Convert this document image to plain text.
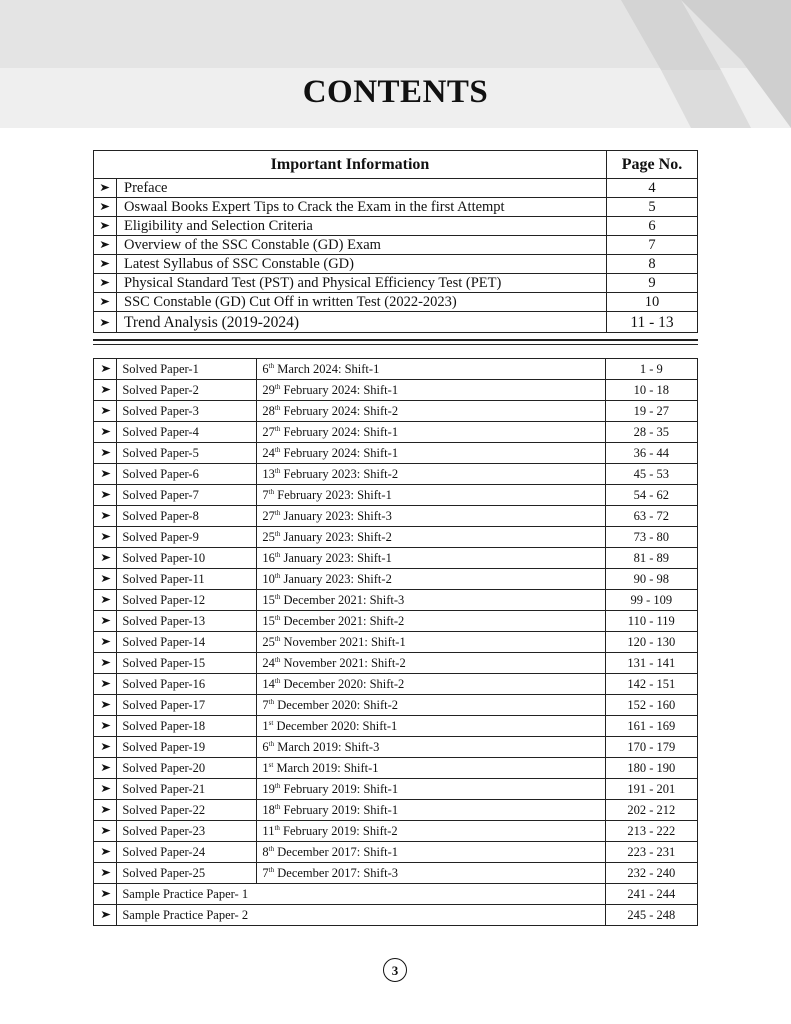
CONTENTS
Important Information		Page No.
➤	Preface	4
➤	Oswaal Books Expert Tips to Crack the Exam in the first Attempt	5
➤	Eligibility and Selection Criteria	6
➤	Overview of the SSC Constable (GD) Exam	7
➤	Latest Syllabus of SSC Constable (GD)	8
➤	Physical Standard Test (PST) and Physical Efficiency Test (PET)	9
➤	SSC Constable (GD) Cut Off in written Test (2022-2023)	10
➤	Trend Analysis (2019-2024)	11 - 13
➤	Solved Paper-1	6th March 2024: Shift-1	1 - 9
➤	Solved Paper-2	29th February 2024: Shift-1	10 - 18
➤	Solved Paper-3	28th February 2024: Shift-2	19 - 27
➤	Solved Paper-4	27th February 2024: Shift-1	28 - 35
➤	Solved Paper-5	24th February 2024: Shift-1	36 - 44
➤	Solved Paper-6	13th February 2023: Shift-2	45 - 53
➤	Solved Paper-7	7th February 2023: Shift-1	54 - 62
➤	Solved Paper-8	27th January 2023: Shift-3	63 - 72
➤	Solved Paper-9	25th January 2023: Shift-2	73 - 80
➤	Solved Paper-10	16th January 2023: Shift-1	81 - 89
➤	Solved Paper-11	10th January 2023: Shift-2	90 - 98
➤	Solved Paper-12	15th December 2021: Shift-3	99 - 109
➤	Solved Paper-13	15th December 2021: Shift-2	110 - 119
➤	Solved Paper-14	25th November 2021: Shift-1	120 - 130
➤	Solved Paper-15	24th November 2021: Shift-2	131 - 141
➤	Solved Paper-16	14th December 2020: Shift-2	142 - 151
➤	Solved Paper-17	7th December 2020: Shift-2	152 - 160
➤	Solved Paper-18	1st December 2020: Shift-1	161 - 169
➤	Solved Paper-19	6th March 2019: Shift-3	170 - 179
➤	Solved Paper-20	1st March 2019: Shift-1	180 - 190
➤	Solved Paper-21	19th February 2019: Shift-1	191 - 201
➤	Solved Paper-22	18th February 2019: Shift-1	202 - 212
➤	Solved Paper-23	11th February 2019: Shift-2	213 - 222
➤	Solved Paper-24	8th December 2017: Shift-1	223 - 231
➤	Solved Paper-25	7th December 2017: Shift-3	232 - 240
➤	Sample Practice Paper- 1		241 - 244
➤	Sample Practice Paper- 2		245 - 248
3
